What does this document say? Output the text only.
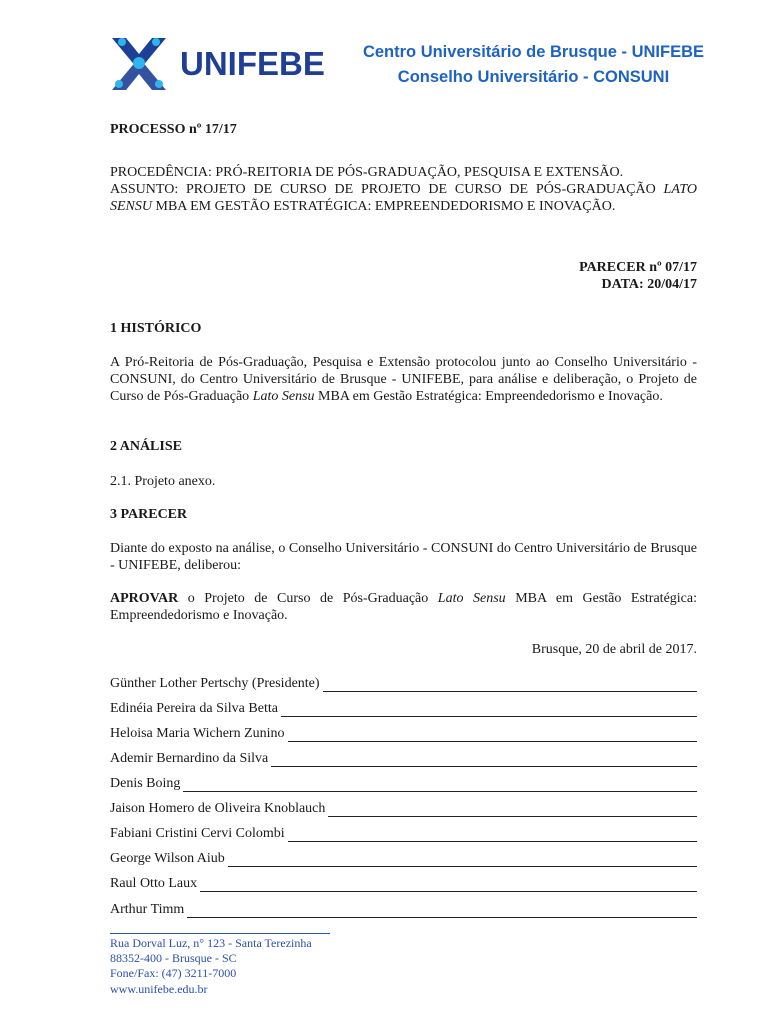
UNIFEBE Centro Universitário de Brusque - UNIFEBE
Conselho Universitário - CONSUNI
PROCESSO nº 17/17
PROCEDÊNCIA: PRÓ-REITORIA DE PÓS-GRADUAÇÃO, PESQUISA E EXTENSÃO.
ASSUNTO: PROJETO DE CURSO DE PROJETO DE CURSO DE PÓS-GRADUAÇÃO LATO SENSU MBA EM GESTÃO ESTRATÉGICA: EMPREENDEDORISMO E INOVAÇÃO.
PARECER nº 07/17
DATA: 20/04/17
1 HISTÓRICO
A Pró-Reitoria de Pós-Graduação, Pesquisa e Extensão protocolou junto ao Conselho Universitário - CONSUNI, do Centro Universitário de Brusque - UNIFEBE, para análise e deliberação, o Projeto de Curso de Pós-Graduação Lato Sensu MBA em Gestão Estratégica: Empreendedorismo e Inovação.
2 ANÁLISE
2.1. Projeto anexo.
3 PARECER
Diante do exposto na análise, o Conselho Universitário - CONSUNI do Centro Universitário de Brusque - UNIFEBE, deliberou:
APROVAR o Projeto de Curso de Pós-Graduação Lato Sensu MBA em Gestão Estratégica: Empreendedorismo e Inovação.
Brusque, 20 de abril de 2017.
Günther Lother Pertschy (Presidente)
Edinéia Pereira da Silva Betta
Heloisa Maria Wichern Zunino
Ademir Bernardino da Silva
Denis Boing
Jaison Homero de Oliveira Knoblauch
Fabiani Cristini Cervi Colombi
George Wilson Aiub
Raul Otto Laux
Arthur Timm
Rua Dorval Luz, n° 123 - Santa Terezinha
88352-400 - Brusque - SC
Fone/Fax: (47) 3211-7000
www.unifebe.edu.br
